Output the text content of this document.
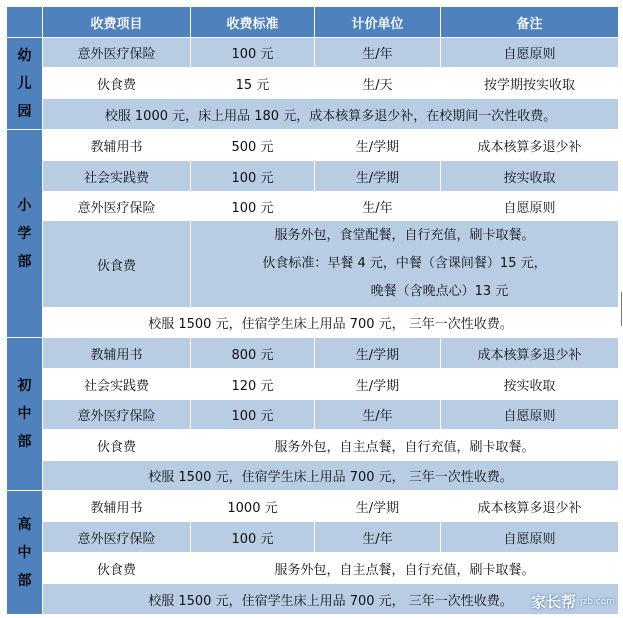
	收费项目	收费标准	计价单位	备注

幼
儿
园	意外医疗保险	100 元	生/年	自愿原则
	伙食费	15 元	生/天	按学期按实收取
	校服 1000 元，床上用品 180 元，成本核算多退少补，在校期间一次性收费。			

小
学
部	教辅用书	500 元	生/学期	成本核算多退少补
	社会实践费	100 元	生/学期	按实收取
	意外医疗保险	100 元	生/年	自愿原则
	伙食费	服务外包，食堂配餐，自行充值，刷卡取餐。
伙食标准：早餐 4 元，中餐（含课间餐）15 元，
晚餐（含晚点心）13 元		

	校服 1500 元，住宿学生床上用品 700 元， 三年一次性收费。			

初
中
部	教辅用书	800 元	生/学期	成本核算多退少补
	社会实践费	120 元	生/学期	按实收取
	意外医疗保险	100 元	生/年	自愿原则
	伙食费	服务外包，自主点餐，自行充值，刷卡取餐。		
	校服 1500 元，住宿学生床上用品 700 元， 三年一次性收费。			

高
中
部	教辅用书	1000 元	生/学期	成本核算多退少补
	意外医疗保险	100 元	生/年	自愿原则
	伙食费	服务外包，自主点餐，自行充值，刷卡取餐。		
	校服 1500 元，住宿学生床上用品 700 元， 三年一次性收费。			家长帮 jzb.com
